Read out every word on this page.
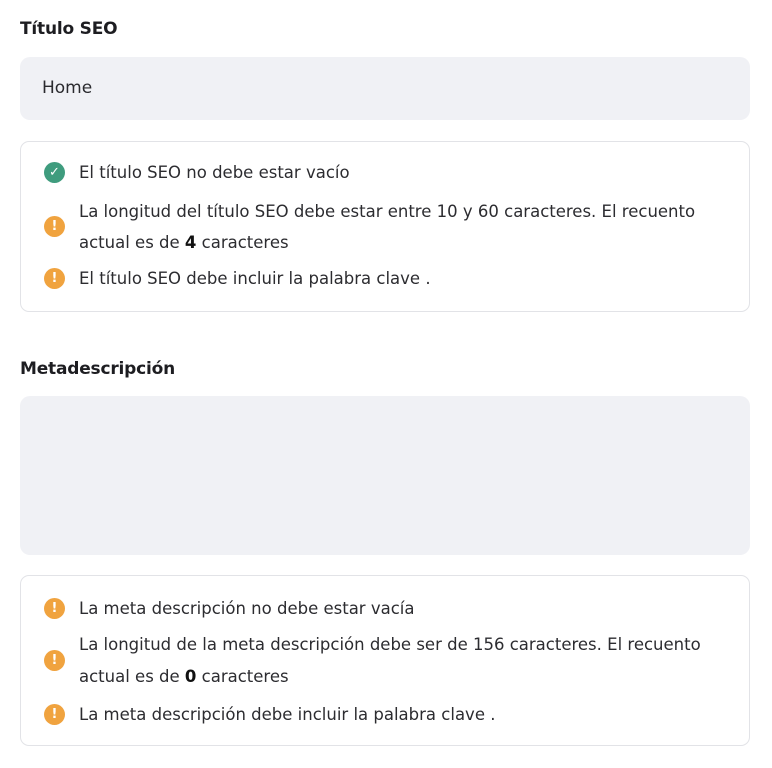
Título SEO
Home
✓	El título SEO no debe estar vacío
!
La longitud del título SEO debe estar entre 10 y 60 caracteres. El recuento
actual es de 4 caracteres
!	El título SEO debe incluir la palabra clave .
Metadescripción
!	La meta descripción no debe estar vacía
!
La longitud de la meta descripción debe ser de 156 caracteres. El recuento
actual es de 0 caracteres
!	La meta descripción debe incluir la palabra clave .
